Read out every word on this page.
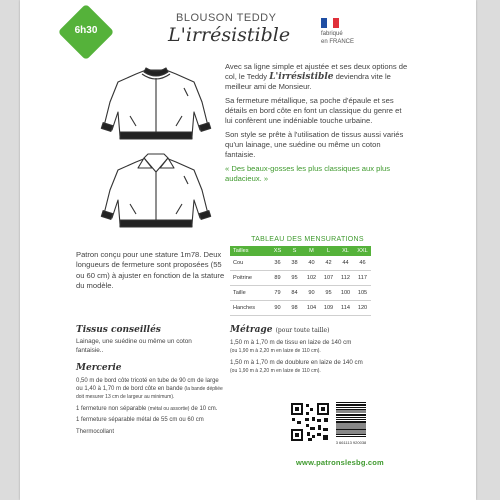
6h30
BLOUSON TEDDY
L'irrésistible	fabriqué
en FRANCE

Avec sa ligne simple et ajustée et ses deux options de col, le Teddy L'irrésistible deviendra vite le meilleur ami de Monsieur.

Sa fermeture métallique, sa poche d'épaule et ses détails en bord côte en font un classique du genre et lui confèrent une indéniable touche urbaine.

Son style se prête à l'utilisation de tissus aussi variés qu'un lainage, une suédine ou même un coton fantaisie.

« Des beaux-gosses les plus classiques aux plus audacieux. »

TABLEAU DES MENSURATIONS
Tailles	XS	S	M	L	XL	XXL
Cou	36	38	40	42	44	46
Poitrine	89	95	102	107	112	117
Taille	79	84	90	95	100	105
Hanches	90	98	104	109	114	120
Patron conçu pour une stature 1m78. Deux longueurs de fermeture sont proposées (55 ou 60 cm) à ajuster en fonction de la stature du modèle.
Tissus conseillés
Lainage, une suédine ou même un coton fantaisie..
Mercerie

0,50 m de bord côte tricoté en tube de 90 cm de large ou 1,40 à 1,70 m de bord côte en bande (la bande dépliée doit mesurer 13 cm de largeur au minimum).

1 fermeture non séparable (métal ou assortie) de 10 cm.

1 fermeture séparable métal de 55 cm ou 60 cm

Thermocollant

Métrage (pour toute taille)

1,50 m à 1,70 m de tissu en laize de 140 cm
(ou 1,90 m à 2,20 m en laize de 110 cm).

1,50 m à 1,70 m de doublure en laize de 140 cm
(ou 1,90 m à 2,20 m en laize de 110 cm).

3 661113 920038
www.patronslesbg.com
